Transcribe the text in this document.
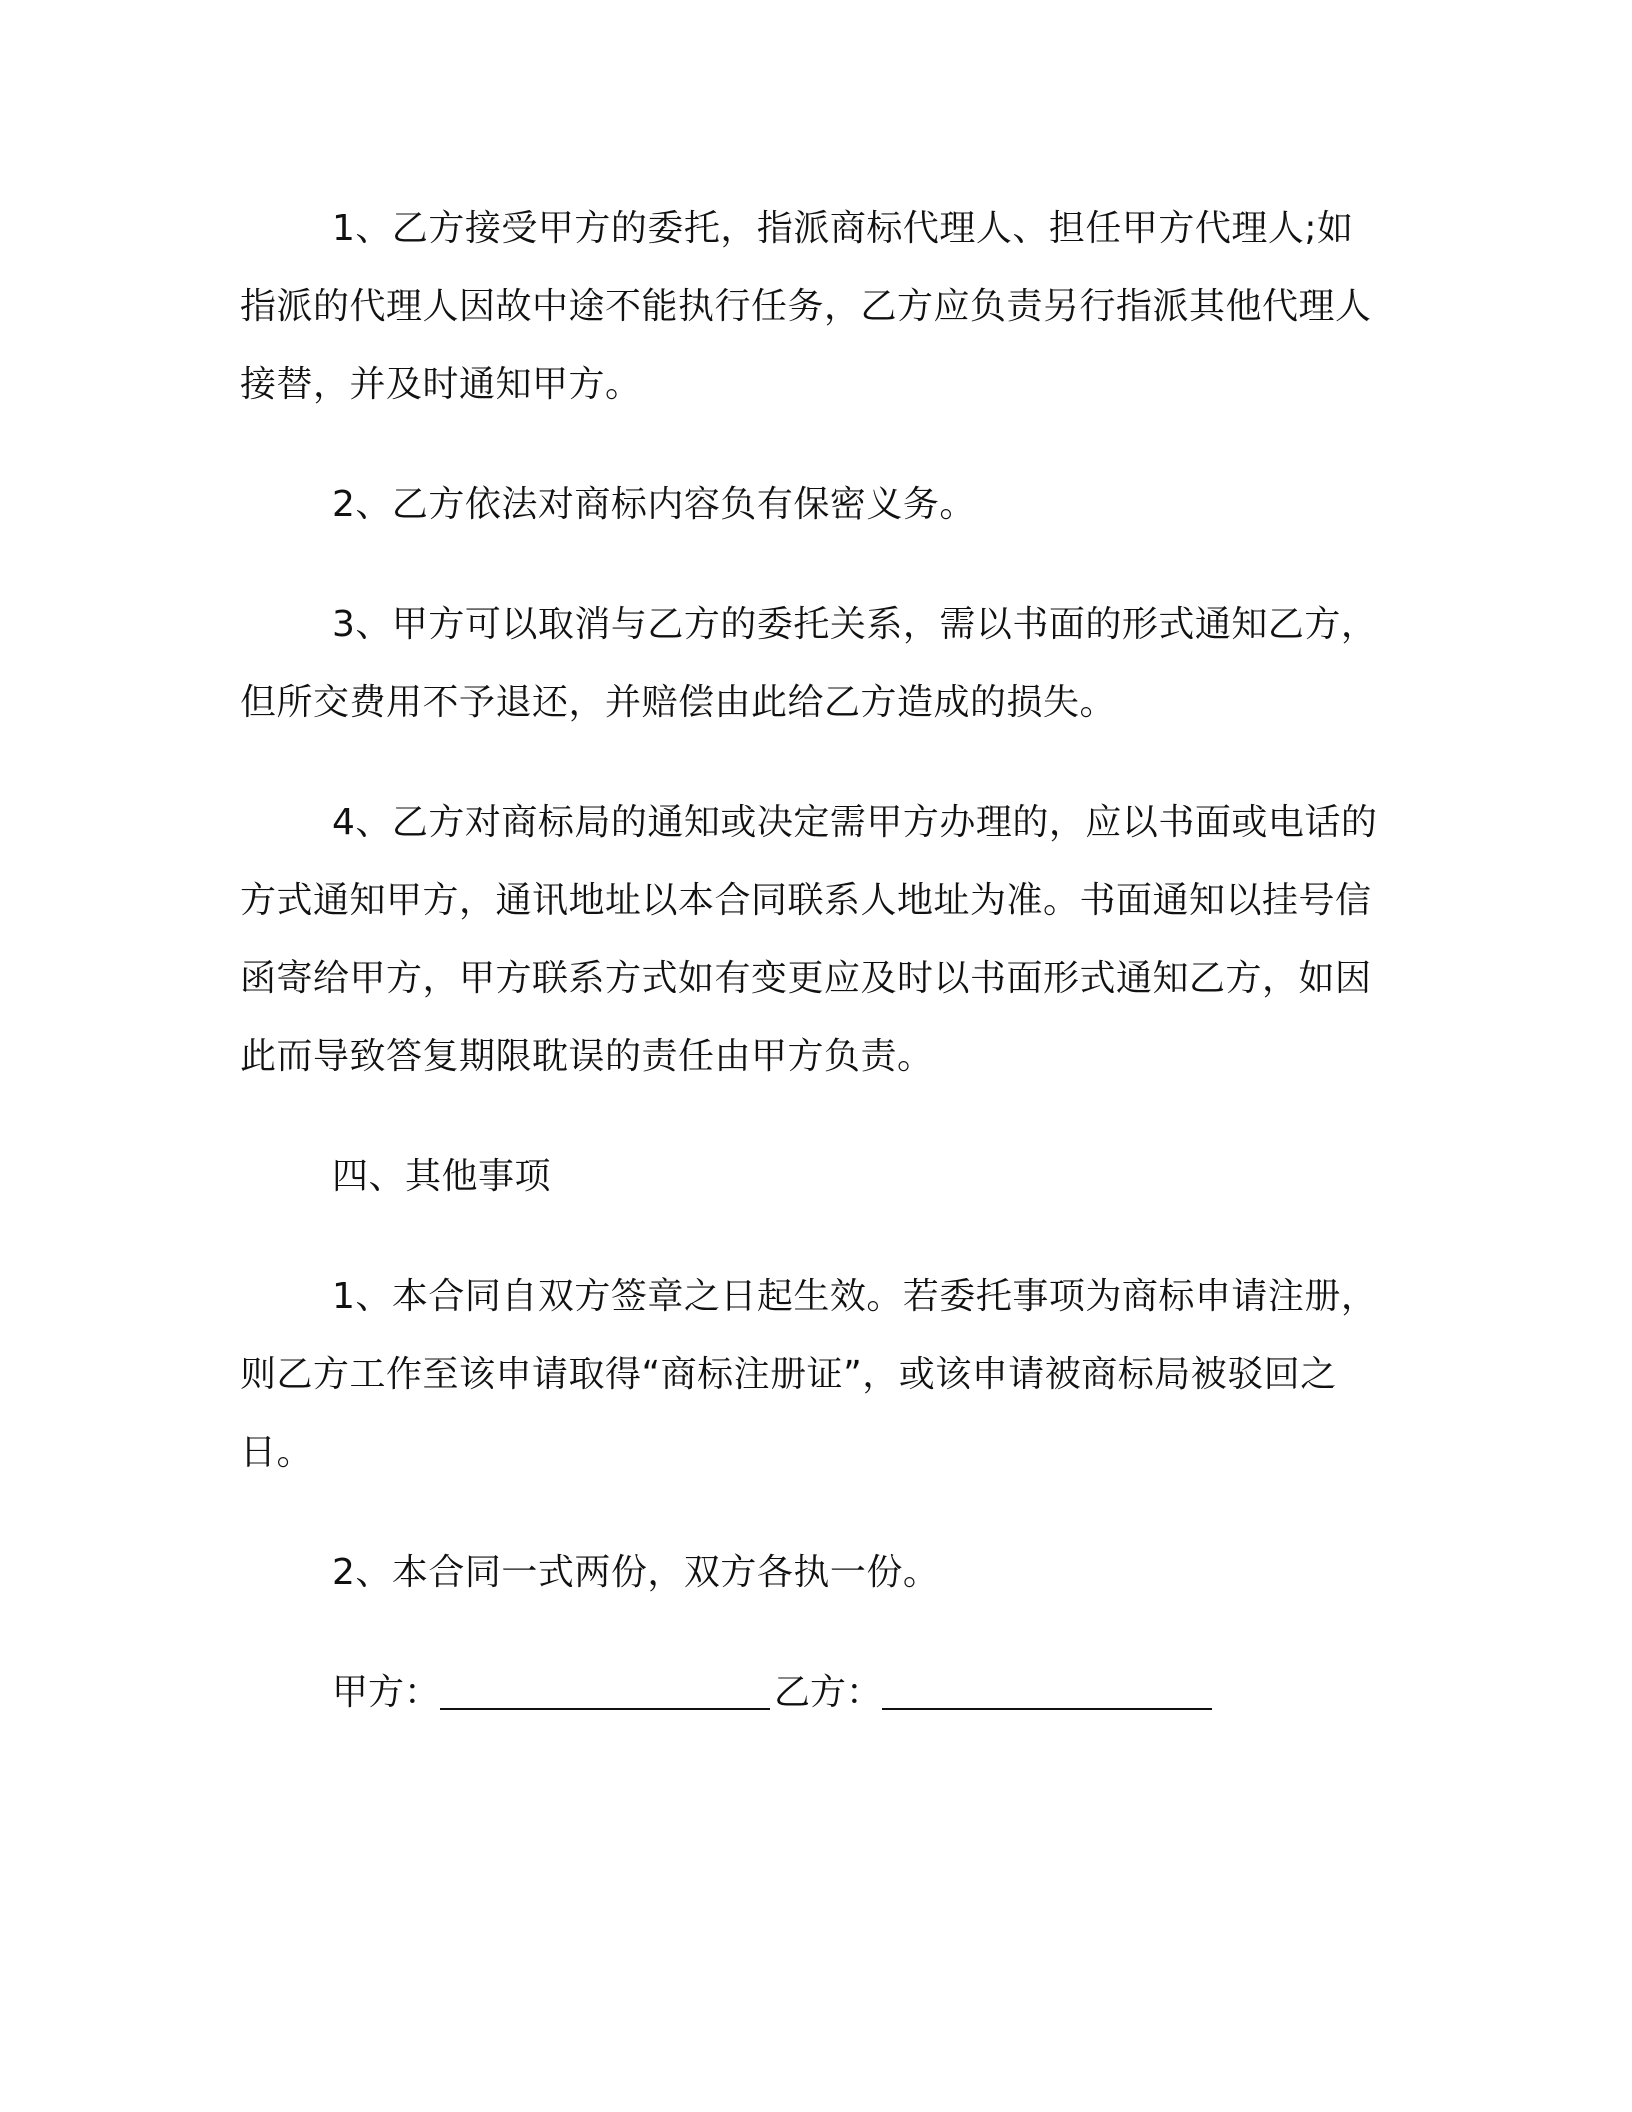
1、乙方接受甲方的委托，指派商标代理人、担任甲方代理人;如指派的代理人因故中途不能执行任务，乙方应负责另行指派其他代理人接替，并及时通知甲方。

2、乙方依法对商标内容负有保密义务。

3、甲方可以取消与乙方的委托关系，需以书面的形式通知乙方，但所交费用不予退还，并赔偿由此给乙方造成的损失。

4、乙方对商标局的通知或决定需甲方办理的，应以书面或电话的方式通知甲方，通讯地址以本合同联系人地址为准。书面通知以挂号信函寄给甲方，甲方联系方式如有变更应及时以书面形式通知乙方，如因此而导致答复期限耽误的责任由甲方负责。

四、其他事项

1、本合同自双方签章之日起生效。若委托事项为商标申请注册，则乙方工作至该申请取得“商标注册证”，或该申请被商标局被驳回之日。

2、本合同一式两份，双方各执一份。

甲方：	乙方：
